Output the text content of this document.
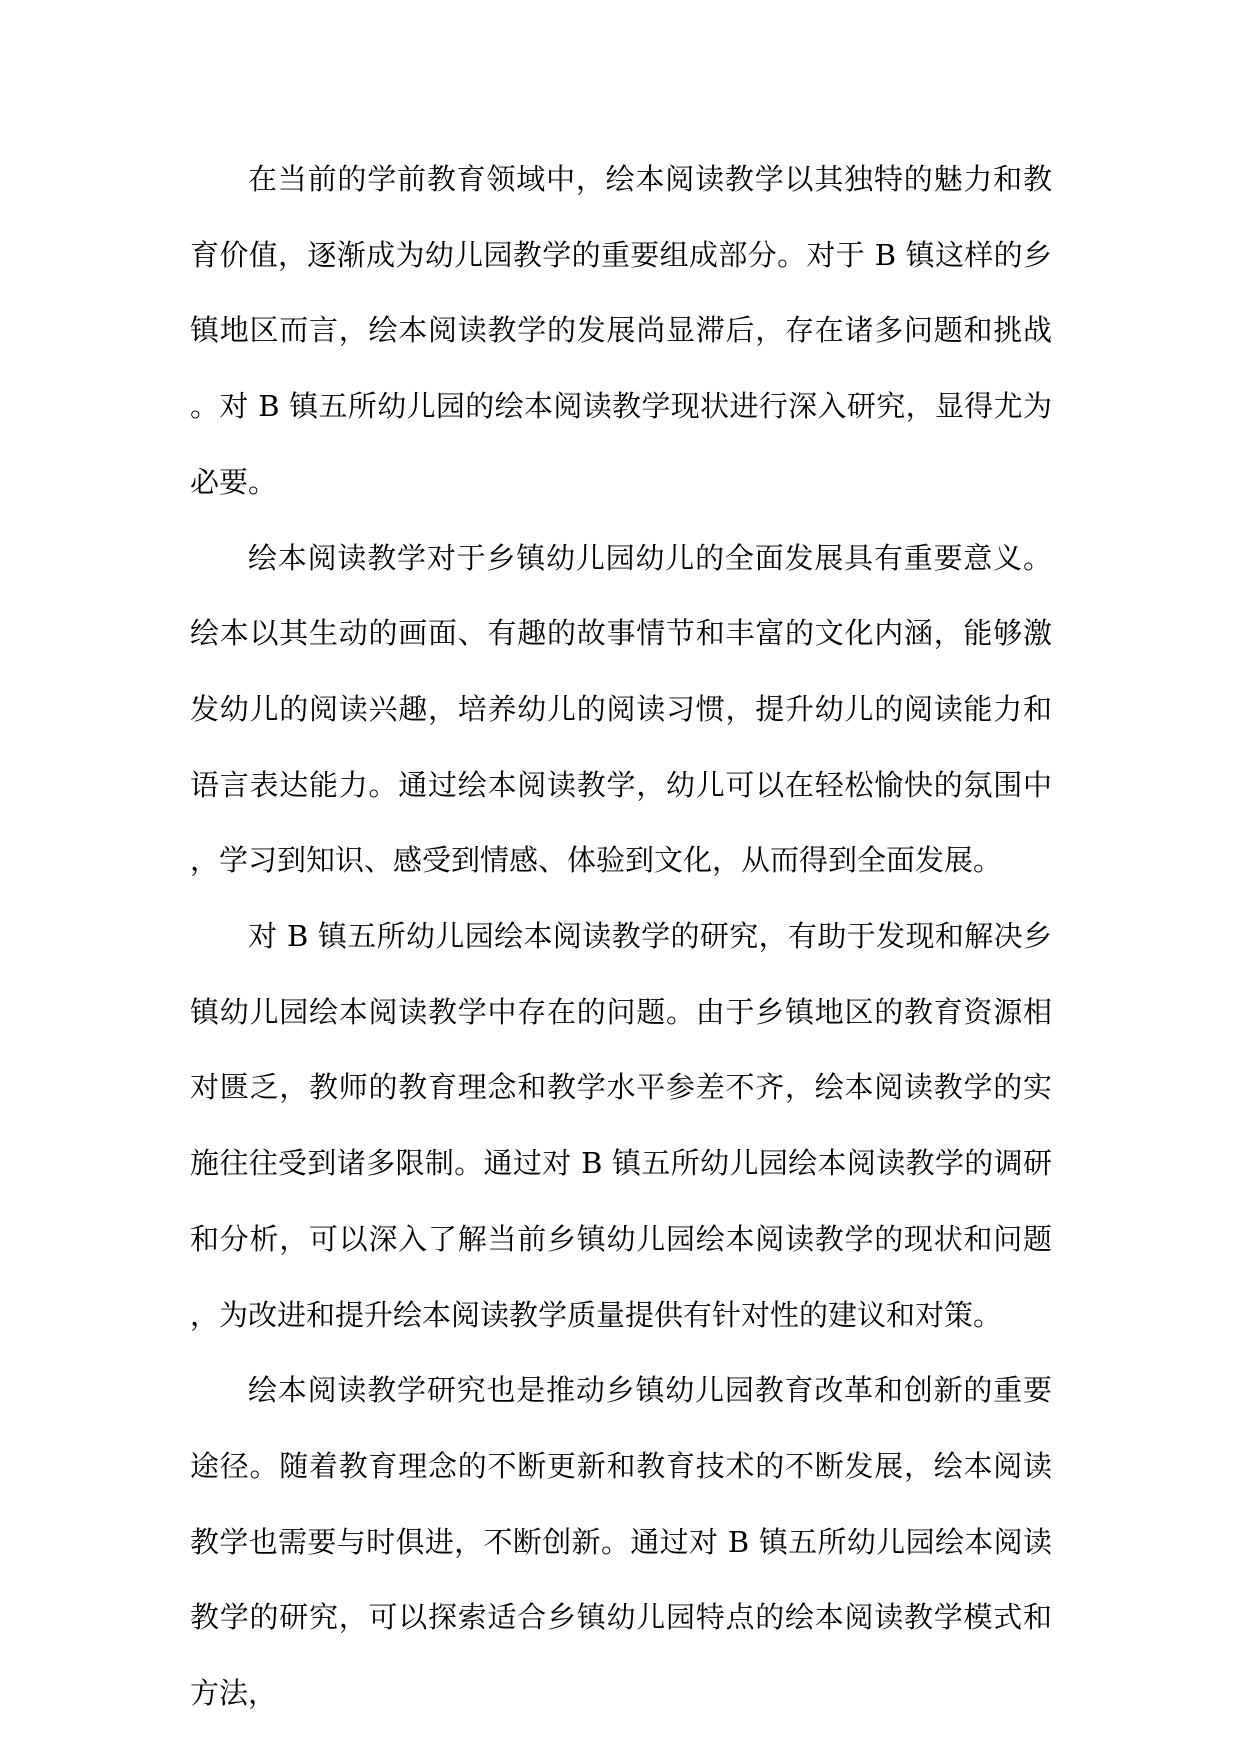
在当前的学前教育领域中，绘本阅读教学以其独特的魅力和教育价值，逐渐成为幼儿园教学的重要组成部分。对于 B 镇这样的乡镇地区而言，绘本阅读教学的发展尚显滞后，存在诸多问题和挑战。对 B 镇五所幼儿园的绘本阅读教学现状进行深入研究，显得尤为必要。

绘本阅读教学对于乡镇幼儿园幼儿的全面发展具有重要意义。绘本以其生动的画面、有趣的故事情节和丰富的文化内涵，能够激发幼儿的阅读兴趣，培养幼儿的阅读习惯，提升幼儿的阅读能力和语言表达能力。通过绘本阅读教学，幼儿可以在轻松愉快的氛围中，学习到知识、感受到情感、体验到文化，从而得到全面发展。

对 B 镇五所幼儿园绘本阅读教学的研究，有助于发现和解决乡镇幼儿园绘本阅读教学中存在的问题。由于乡镇地区的教育资源相对匮乏，教师的教育理念和教学水平参差不齐，绘本阅读教学的实施往往受到诸多限制。通过对 B 镇五所幼儿园绘本阅读教学的调研和分析，可以深入了解当前乡镇幼儿园绘本阅读教学的现状和问题，为改进和提升绘本阅读教学质量提供有针对性的建议和对策。

绘本阅读教学研究也是推动乡镇幼儿园教育改革和创新的重要途径。随着教育理念的不断更新和教育技术的不断发展，绘本阅读教学也需要与时俱进，不断创新。通过对 B 镇五所幼儿园绘本阅读教学的研究，可以探索适合乡镇幼儿园特点的绘本阅读教学模式和方法，
